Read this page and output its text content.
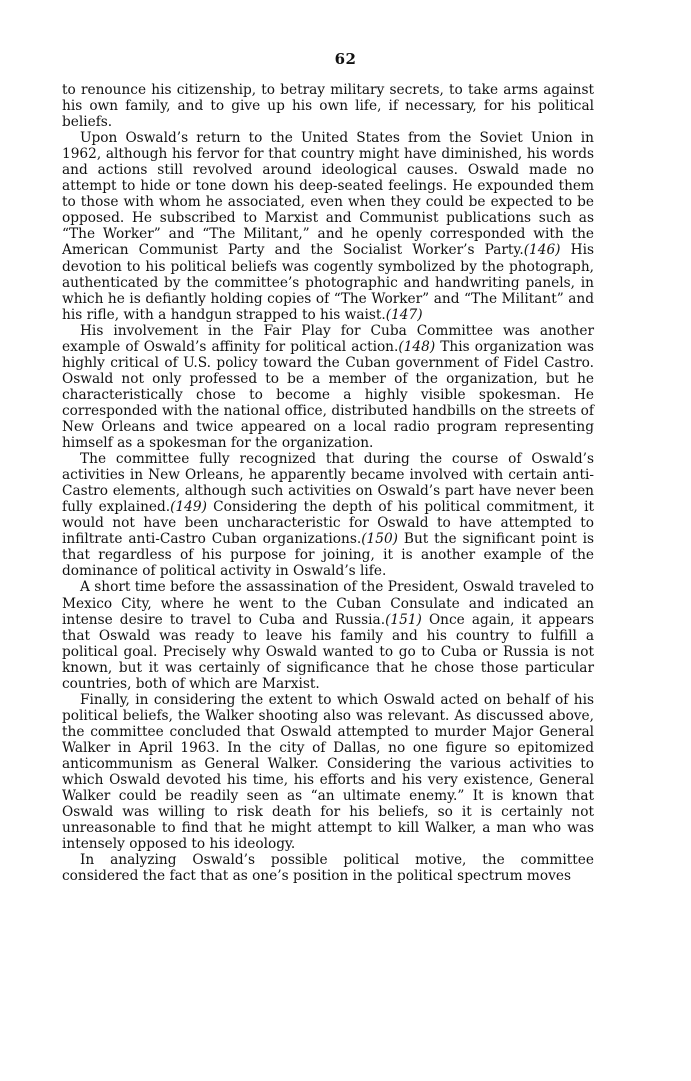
62

to renounce his citizenship, to betray military secrets, to take arms against his own family, and to give up his own life, if necessary, for his political beliefs.

Upon Oswald’s return to the United States from the Soviet Union in 1962, although his fervor for that country might have diminished, his words and actions still revolved around ideological causes. Oswald made no attempt to hide or tone down his deep-seated feelings. He expounded them to those with whom he associated, even when they could be expected to be opposed. He subscribed to Marxist and Communist publications such as “The Worker” and “The Militant,” and he openly corresponded with the American Communist Party and the Socialist Worker’s Party.(146) His devotion to his political beliefs was cogently symbolized by the photograph, authenticated by the committee’s photographic and handwriting panels, in which he is defiantly holding copies of “The Worker” and “The Militant” and his rifle, with a handgun strapped to his waist.(147)

His involvement in the Fair Play for Cuba Committee was another example of Oswald’s affinity for political action.(148) This organization was highly critical of U.S. policy toward the Cuban government of Fidel Castro. Oswald not only professed to be a member of the organization, but he characteristically chose to become a highly visible spokesman. He corresponded with the national office, distributed handbills on the streets of New Orleans and twice appeared on a local radio program representing himself as a spokesman for the organization.

The committee fully recognized that during the course of Oswald’s activities in New Orleans, he apparently became involved with certain anti-Castro elements, although such activities on Oswald’s part have never been fully explained.(149) Considering the depth of his political commitment, it would not have been uncharacteristic for Oswald to have attempted to infiltrate anti-Castro Cuban organizations.(150) But the significant point is that regardless of his purpose for joining, it is another example of the dominance of political activity in Oswald’s life.

A short time before the assassination of the President, Oswald traveled to Mexico City, where he went to the Cuban Consulate and indicated an intense desire to travel to Cuba and Russia.(151) Once again, it appears that Oswald was ready to leave his family and his country to fulfill a political goal. Precisely why Oswald wanted to go to Cuba or Russia is not known, but it was certainly of significance that he chose those particular countries, both of which are Marxist.

Finally, in considering the extent to which Oswald acted on behalf of his political beliefs, the Walker shooting also was relevant. As discussed above, the committee concluded that Oswald attempted to murder Major General Walker in April 1963. In the city of Dallas, no one figure so epitomized anticommunism as General Walker. Considering the various activities to which Oswald devoted his time, his efforts and his very existence, General Walker could be readily seen as “an ultimate enemy.” It is known that Oswald was willing to risk death for his beliefs, so it is certainly not unreasonable to find that he might attempt to kill Walker, a man who was intensely opposed to his ideology.

In analyzing Oswald’s possible political motive, the committee considered the fact that as one’s position in the political spectrum moves
